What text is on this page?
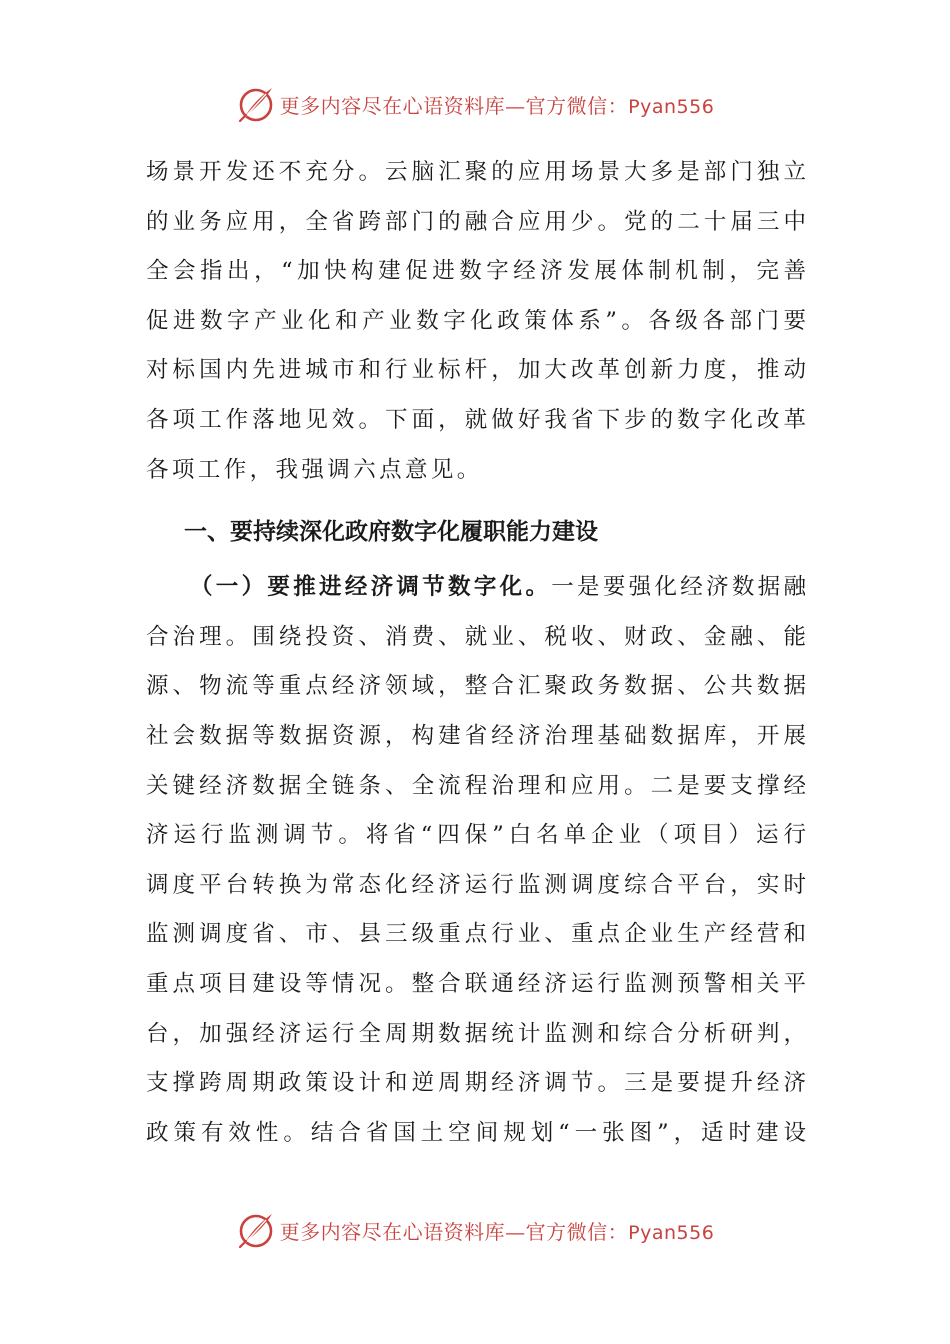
更多内容尽在心语资料库—官方微信：Pyan556
场景开发还不充分。云脑汇聚的应用场景大多是部门独立
的业务应用，全省跨部门的融合应用少。党的二十届三中
全会指出，“加快构建促进数字经济发展体制机制，完善
促进数字产业化和产业数字化政策体系”。各级各部门要
对标国内先进城市和行业标杆，加大改革创新力度，推动
各项工作落地见效。下面，就做好我省下步的数字化改革
各项工作，我强调六点意见。
一、要持续深化政府数字化履职能力建设
（一）要推进经济调节数字化。一是要强化经济数据融
合治理。围绕投资、消费、就业、税收、财政、金融、能
源、物流等重点经济领域，整合汇聚政务数据、公共数据
社会数据等数据资源，构建省经济治理基础数据库，开展
关键经济数据全链条、全流程治理和应用。二是要支撑经
济运行监测调节。将省“四保”白名单企业（项目）运行
调度平台转换为常态化经济运行监测调度综合平台，实时
监测调度省、市、县三级重点行业、重点企业生产经营和
重点项目建设等情况。整合联通经济运行监测预警相关平
台，加强经济运行全周期数据统计监测和综合分析研判，
支撑跨周期政策设计和逆周期经济调节。三是要提升经济
政策有效性。结合省国土空间规划“一张图”，适时建设
更多内容尽在心语资料库—官方微信：Pyan556
